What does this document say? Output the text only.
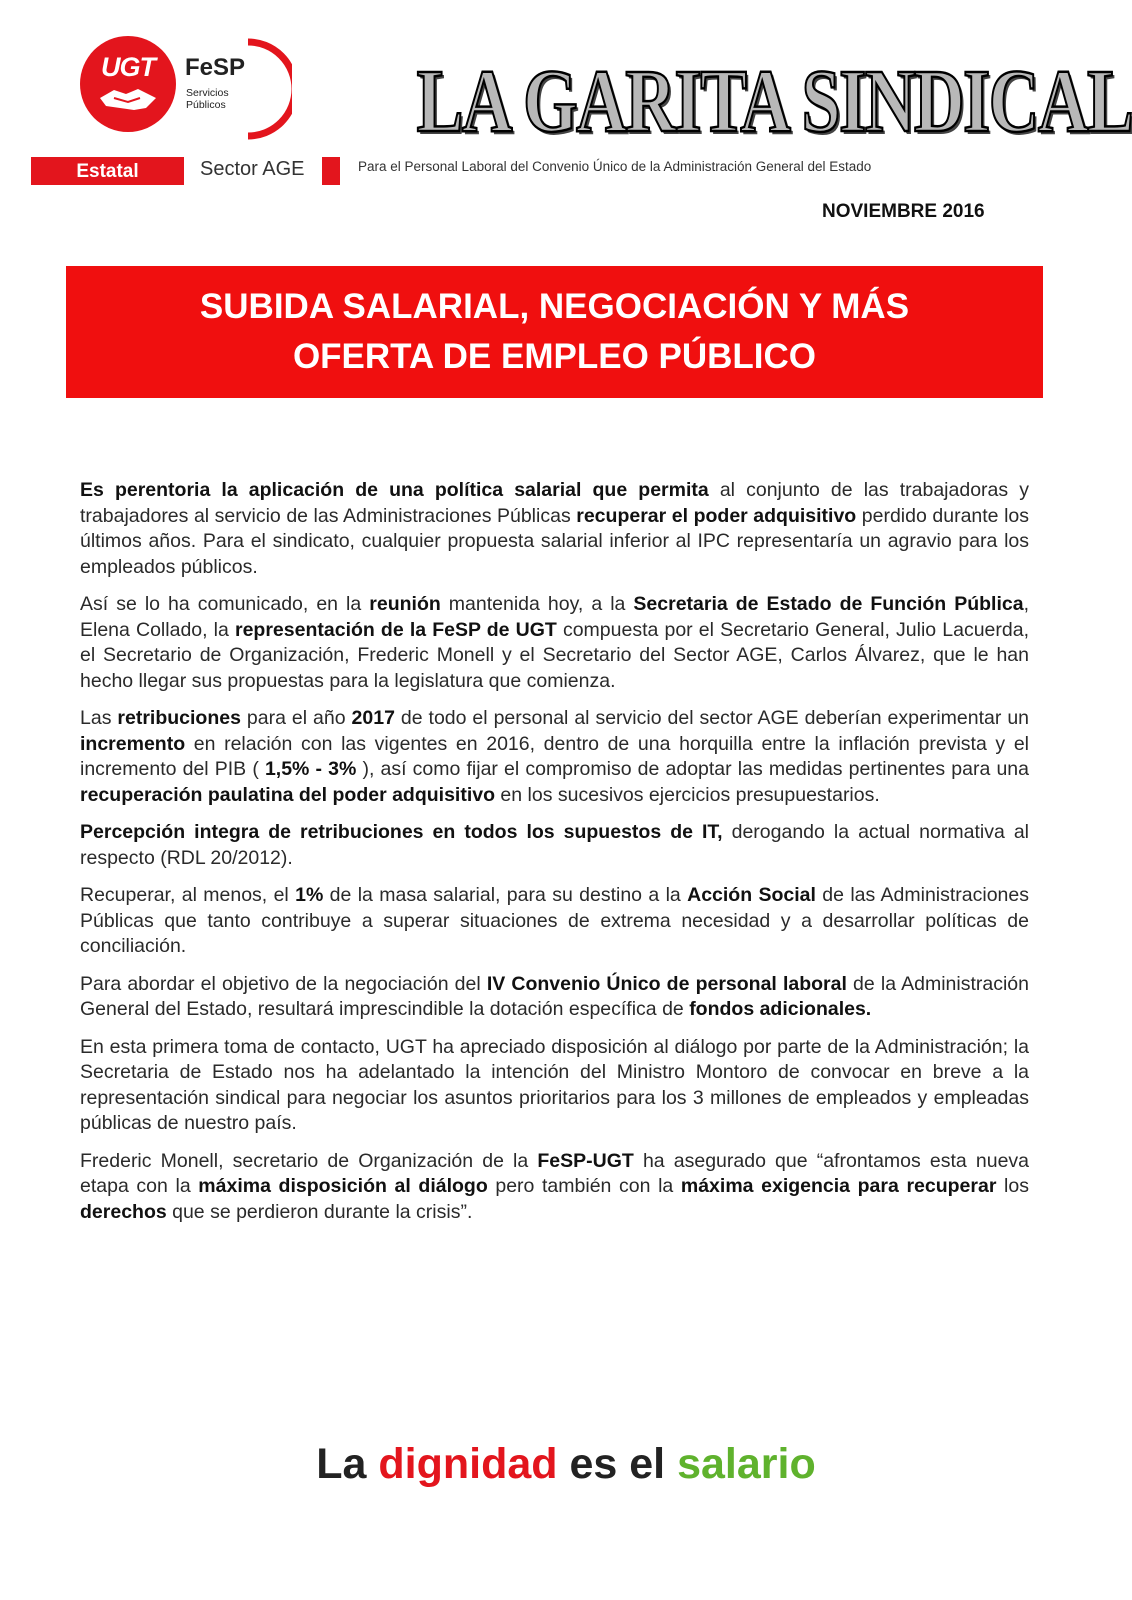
UGT	FeSP
Servicios
Públicos
Estatal	Sector AGE
LA GARITA SINDICAL
Para el Personal Laboral del Convenio Único de la Administración General del Estado
NOVIEMBRE 2016
SUBIDA SALARIAL, NEGOCIACIÓN Y MÁS
OFERTA DE EMPLEO PÚBLICO

Es perentoria la aplicación de una política salarial que permita al conjunto de las trabajadoras y trabajadores al servicio de las Administraciones Públicas recuperar el poder adquisitivo perdido durante los últimos años. Para el sindicato, cualquier propuesta salarial inferior al IPC representaría un agravio para los empleados públicos.

Así se lo ha comunicado, en la reunión mantenida hoy, a la Secretaria de Estado de Función Pública, Elena Collado, la representación de la FeSP de UGT compuesta por el Secretario General, Julio Lacuerda, el Secretario de Organización, Frederic Monell y el Secretario del Sector AGE, Carlos Álvarez, que le han hecho llegar sus propuestas para la legislatura que comienza.

Las retribuciones para el año 2017 de todo el personal al servicio del sector AGE deberían experimentar un incremento en relación con las vigentes en 2016, dentro de una horquilla entre la inflación prevista y el incremento del PIB ( 1,5% - 3% ), así como fijar el compromiso de adoptar las medidas pertinentes para una recuperación paulatina del poder adquisitivo en los sucesivos ejercicios presupuestarios.

Percepción integra de retribuciones en todos los supuestos de IT, derogando la actual normativa al respecto (RDL 20/2012).

Recuperar, al menos, el 1% de la masa salarial, para su destino a la Acción Social de las Administraciones Públicas que tanto contribuye a superar situaciones de extrema necesidad y a desarrollar políticas de conciliación.

Para abordar el objetivo de la negociación del IV Convenio Único de personal laboral de la Administración General del Estado, resultará imprescindible la dotación específica de fondos adicionales.

En esta primera toma de contacto, UGT ha apreciado disposición al diálogo por parte de la Administración; la Secretaria de Estado nos ha adelantado la intención del Ministro Montoro de convocar en breve a la representación sindical para negociar los asuntos prioritarios para los 3 millones de empleados y empleadas públicas de nuestro país.

Frederic Monell, secretario de Organización de la FeSP-UGT ha asegurado que “afrontamos esta nueva etapa con la máxima disposición al diálogo pero también con la máxima exigencia para recuperar los derechos que se perdieron durante la crisis”.

La dignidad es el salario
